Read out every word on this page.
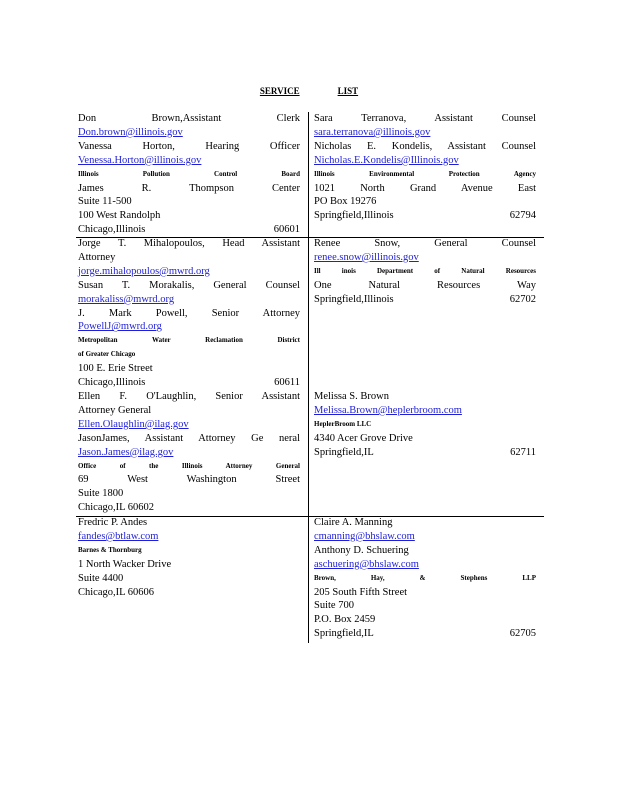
SERVICE	LIST
Don Brown,Assistant Clerk
Don.brown@illinois.gov
Vanessa Horton, Hearing Officer
Venessa.Horton@illinois.gov
Illinois Pollution Control Board
James R. Thompson Center
Suite 11-500
100 West Randolph
Chicago,Illinois 60601
Sara Terranova, Assistant Counsel
sara.terranova@illinois.gov
Nicholas E. Kondelis, Assistant Counsel
Nicholas.E.Kondelis@Illinois.gov
Illinois Environmental Protection Agency
1021 North Grand Avenue East
PO Box 19276
Springfield,Illinois 62794
Jorge T. Mihalopoulos, Head Assistant
Attorney
jorge.mihalopoulos@mwrd.org
Susan T. Morakalis, General Counsel
morakaliss@mwrd.org
J. Mark Powell, Senior Attorney
PowellJ@mwrd.org
Metropolitan Water Reclamation District
of Greater Chicago
100 E. Erie Street
Chicago,Illinois 60611
Ellen F. O'Laughlin, Senior Assistant
Attorney General
Ellen.Olaughlin@ilag.gov
JasonJames, Assistant Attorney Ge neral
Jason.James@ilag.gov
Office of the Illinois Attorney General
69 West Washington Street
Suite 1800
Chicago,IL 60602
Renee Snow, General Counsel
renee.snow@illinois.gov
Ill inois Department of Natural Resources
One Natural Resources Way
Springfield,Illinois 62702

Melissa S. Brown
Melissa.Brown@heplerbroom.com
HeplerBroom LLC
4340 Acer Grove Drive
Springfield,IL 62711
Fredric P. Andes
fandes@btlaw.com
Barnes & Thornburg
1 North Wacker Drive
Suite 4400
Chicago,IL 60606
Claire A. Manning
cmanning@bhslaw.com
Anthony D. Schuering
aschuering@bhslaw.com
Brown, Hay, & Stephens LLP
205 South Fifth Street
Suite 700
P.O. Box 2459
Springfield,IL 62705
